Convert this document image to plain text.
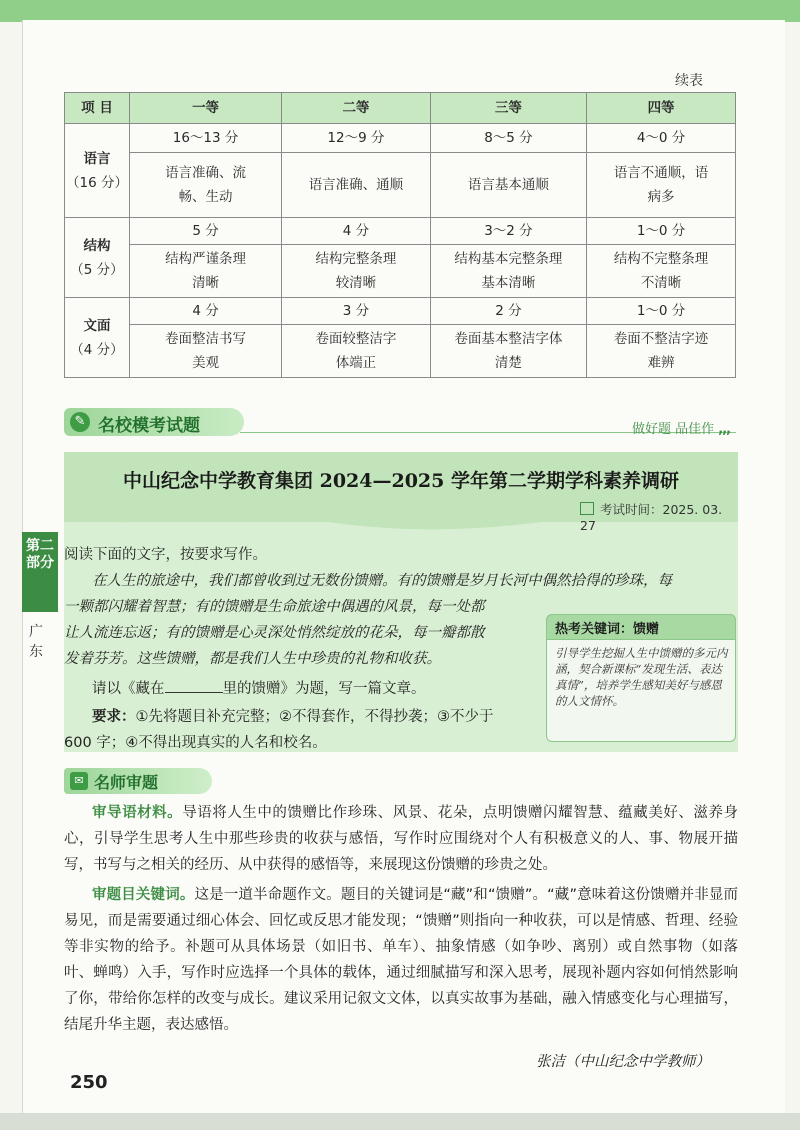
续表
项 目	一等	二等	三等	四等

语言
（16 分）	16～13 分	12～9 分	8～5 分	4～0 分
	语言准确、流畅、生动	语言准确、通顺	语言基本通顺	语言不通顺，语病多

结构
（5 分）	5 分	4 分	3～2 分	1～0 分
	结构严谨条理清晰	结构完整条理较清晰	结构基本完整条理基本清晰	结构不完整条理不清晰

文面
（4 分）	4 分	3 分	2 分	1～0 分
	卷面整洁书写美观	卷面较整洁字体端正	卷面基本整洁字体清楚	卷面不整洁字迹难辨
✎ 名校模考试题	做好题 品佳作 ,,,
中山纪念中学教育集团 2024—2025 学年第二学期学科素养调研
考试时间：2025. 03. 27
阅读下面的文字，按要求写作。
在人生的旅途中，我们都曾收到过无数份馈赠。有的馈赠是岁月长河中偶然拾得的珍珠，每
一颗都闪耀着智慧；有的馈赠是生命旅途中偶遇的风景，每一处都
让人流连忘返；有的馈赠是心灵深处悄然绽放的花朵，每一瓣都散
发着芬芳。这些馈赠，都是我们人生中珍贵的礼物和收获。
请以《藏在	里的馈赠》为题，写一篇文章。
要求：①先将题目补充完整；②不得套作，不得抄袭；③不少于
600 字；④不得出现真实的人名和校名。
热考关键词：馈赠
引导学生挖掘人生中馈赠的多元内涵，契合新课标“发现生活、表达真情”，培养学生感知美好与感恩的人文情怀。
第二部分
广东
✉ 名师审题
审导语材料。导语将人生中的馈赠比作珍珠、风景、花朵，点明馈赠闪耀智慧、蕴藏美好、滋养身心，引导学生思考人生中那些珍贵的收获与感悟，写作时应围绕对个人有积极意义的人、事、物展开描写，书写与之相关的经历、从中获得的感悟等，来展现这份馈赠的珍贵之处。
审题目关键词。这是一道半命题作文。题目的关键词是“藏”和“馈赠”。“藏”意味着这份馈赠并非显而易见，而是需要通过细心体会、回忆或反思才能发现；“馈赠”则指向一种收获，可以是情感、哲理、经验等非实物的给予。补题可从具体场景（如旧书、单车）、抽象情感（如争吵、离别）或自然事物（如落叶、蝉鸣）入手，写作时应选择一个具体的载体，通过细腻描写和深入思考，展现补题内容如何悄然影响了你，带给你怎样的改变与成长。建议采用记叙文文体，以真实故事为基础，融入情感变化与心理描写，结尾升华主题，表达感悟。
张洁（中山纪念中学教师）
250
